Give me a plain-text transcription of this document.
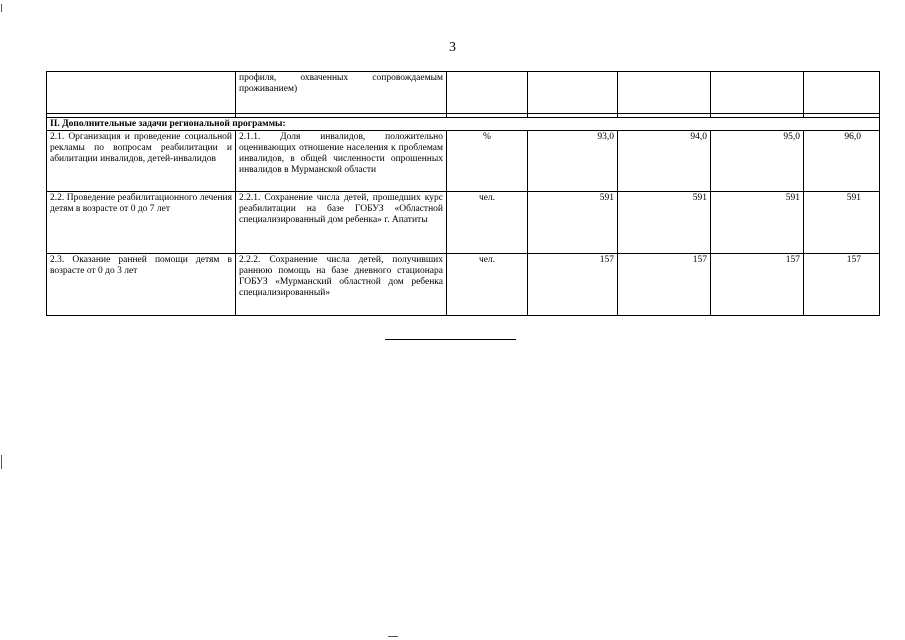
3
	профиля, охваченных сопровождаемым проживанием)					

II. Дополнительные задачи региональной программы:						
2.1. Организация и проведение социальной рекламы по вопросам реабилитации и абилитации инвалидов, детей-инвалидов	2.1.1. Доля инвалидов, положительно оценивающих отношение населения к проблемам инвалидов, в общей численности опрошенных инвалидов в Мурманской области	%	93,0	94,0	95,0	96,0
2.2. Проведение реабилитационного лечения детям в возрасте от 0 до 7 лет	2.2.1. Сохранение числа детей, прошедших курс реабилитации на базе ГОБУЗ «Областной специализированный дом ребенка» г. Апатиты	чел.	591	591	591	591
2.3. Оказание ранней помощи детям в возрасте от 0 до 3 лет	2.2.2. Сохранение числа детей, получивших раннюю помощь на базе дневного стационара ГОБУЗ «Мурманский областной дом ребенка специализированный»	чел.	157	157	157	157
